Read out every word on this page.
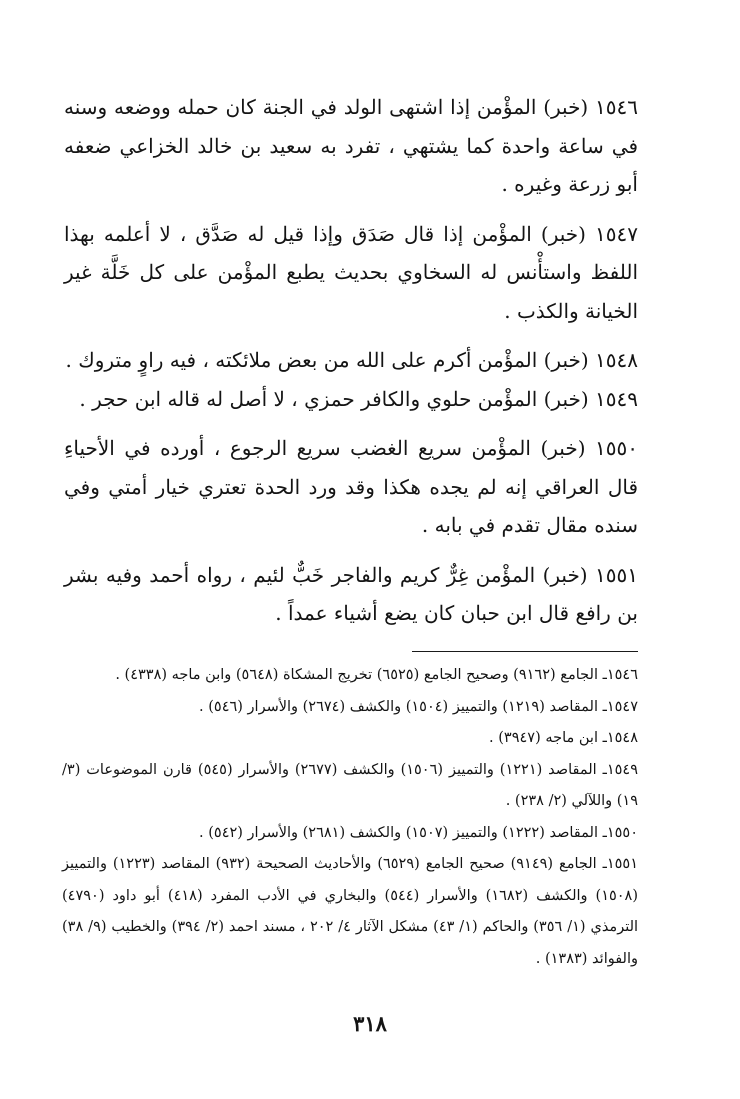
١٥٤٦ (خبر) المؤْمن إذا اشتهى الولد في الجنة كان حمله ووضعه وسنه في ساعة واحدة كما يشتهي ، تفرد به سعيد بن خالد الخزاعي ضعفه أبو زرعة وغيره .

١٥٤٧ (خبر) المؤْمن إذا قال صَدَق وإذا قيل له صَدَّق ، لا أعلمه بهذا اللفظ واستأْنس له السخاوي بحديث يطبع المؤْمن على كل خَلَّة غير الخيانة والكذب .

١٥٤٨ (خبر) المؤْمن أكرم على الله من بعض ملائكته ، فيه راوٍ متروك .

١٥٤٩ (خبر) المؤْمن حلوي والكافر حمزي ، لا أصل له قاله ابن حجر .

١٥٥٠ (خبر) المؤْمن سريع الغضب سريع الرجوع ، أورده في الأحياءِ قال العراقي إنه لم يجده هكذا وقد ورد الحدة تعتري خيار أمتي وفي سنده مقال تقدم في بابه .

١٥٥١ (خبر) المؤْمن غِرٌّ كريم والفاجر خَبٌّ لئيم ، رواه أحمد وفيه بشر بن رافع قال ابن حبان كان يضع أشياء عمداً .

١٥٤٦ـ الجامع (٩١٦٢) وصحيح الجامع (٦٥٢٥) تخريج المشكاة (٥٦٤٨) وابن ماجه (٤٣٣٨) .

١٥٤٧ـ المقاصد (١٢١٩) والتمييز (١٥٠٤) والكشف (٢٦٧٤) والأسرار (٥٤٦) .

١٥٤٨ـ ابن ماجه (٣٩٤٧) .

١٥٤٩ـ المقاصد (١٢٢١) والتمييز (١٥٠٦) والكشف (٢٦٧٧) والأسرار (٥٤٥) قارن الموضوعات (٣/ ١٩) واللآلي (٢/ ٢٣٨) .

١٥٥٠ـ المقاصد (١٢٢٢) والتمييز (١٥٠٧) والكشف (٢٦٨١) والأسرار (٥٤٢) .

١٥٥١ـ الجامع (٩١٤٩) صحيح الجامع (٦٥٢٩) والأحاديث الصحيحة (٩٣٢) المقاصد (١٢٢٣) والتمييز (١٥٠٨) والكشف (١٦٨٢) والأسرار (٥٤٤) والبخاري في الأدب المفرد (٤١٨) أبو داود (٤٧٩٠) الترمذي (١/ ٣٥٦) والحاكم (١/ ٤٣) مشكل الآثار ٤/ ٢٠٢ ، مسند احمد (٢/ ٣٩٤) والخطيب (٩/ ٣٨) والفوائد (١٣٨٣) .

٣١٨
